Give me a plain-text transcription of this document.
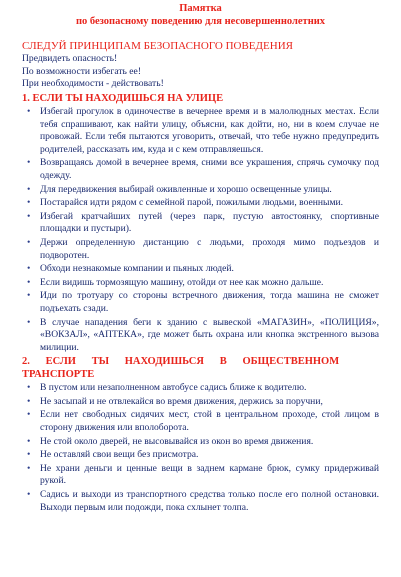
Памятка

по безопасному поведению для несовершеннолетних

СЛЕДУЙ ПРИНЦИПАМ БЕЗОПАСНОГО ПОВЕДЕНИЯ

Предвидеть опасность!

По возможности избегать ее!

При необходимости - действовать!

1. ЕСЛИ ТЫ НАХОДИШЬСЯ НА УЛИЦЕ

• Избегай прогулок в одиночестве в вечернее время и в малолюдных местах. Если тебя спрашивают, как найти улицу, объясни, как дойти, но, ни в коем случае не провожай. Если тебя пытаются уговорить, отвечай, что тебе нужно предупредить родителей, рассказать им, куда и с кем отправляешься.
• Возвращаясь домой в вечернее время, сними все украшения, спрячь сумочку под одежду.
• Для передвижения выбирай оживленные и хорошо освещенные улицы.
• Постарайся идти рядом с семейной парой, пожилыми людьми, военными.
• Избегай кратчайших путей (через парк, пустую автостоянку, спортивные площадки и пустыри).
• Держи определенную дистанцию с людьми, проходя мимо подъездов и подворотен.
• Обходи незнакомые компании и пьяных людей.
• Если видишь тормозящую машину, отойди от нее как можно дальше.
• Иди по тротуару со стороны встречного движения, тогда машина не сможет подъехать сзади.
• В случае нападения беги к зданию с вывеской «МАГАЗИН», «ПОЛИЦИЯ», «ВОКЗАЛ», «АПТЕКА», где может быть охрана или кнопка экстренного вызова милиции.

2.      ЕСЛИ      ТЫ      НАХОДИШЬСЯ      В      ОБЩЕСТВЕННОМ
ТРАНСПОРТЕ

• В пустом или незаполненном автобусе садись ближе к водителю.
• Не засыпай и не отвлекайся во время движения, держись за поручни,
• Если нет свободных сидячих мест, стой в центральном проходе, стой лицом в сторону движения или вполоборота.
• Не стой около дверей, не высовывайся из окон во время движения.
• Не оставляй свои вещи без присмотра.
• Не храни деньги и ценные вещи в заднем кармане брюк, сумку придерживай рукой.
• Садись и выходи из транспортного средства только после его полной остановки. Выходи первым или подожди, пока схлынет толпа.
